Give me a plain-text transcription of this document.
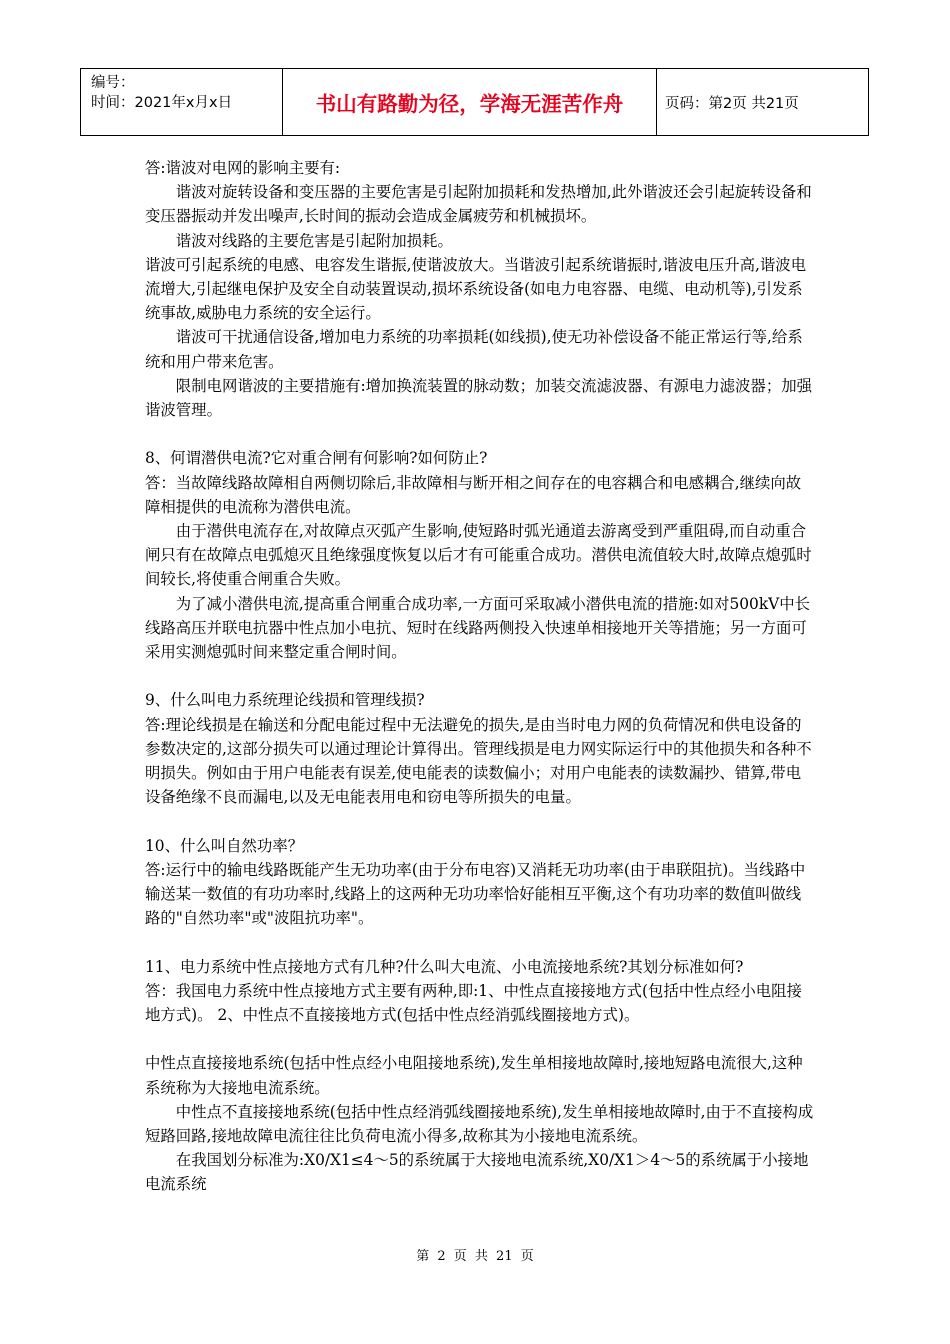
编号：
时间：2021年x月x日	书山有路勤为径，学海无涯苦作舟	页码：第2页 共21页

答:谐波对电网的影响主要有:

谐波对旋转设备和变压器的主要危害是引起附加损耗和发热增加,此外谐波还会引起旋转设备和变压器振动并发出噪声,长时间的振动会造成金属疲劳和机械损坏。

谐波对线路的主要危害是引起附加损耗。

谐波可引起系统的电感、电容发生谐振,使谐波放大。当谐波引起系统谐振时,谐波电压升高,谐波电流增大,引起继电保护及安全自动装置误动,损坏系统设备(如电力电容器、电缆、电动机等),引发系统事故,威胁电力系统的安全运行。

谐波可干扰通信设备,增加电力系统的功率损耗(如线损),使无功补偿设备不能正常运行等,给系统和用户带来危害。

限制电网谐波的主要措施有:增加换流装置的脉动数；加装交流滤波器、有源电力滤波器；加强谐波管理。

8、何谓潜供电流?它对重合闸有何影响?如何防止?

答：当故障线路故障相自两侧切除后,非故障相与断开相之间存在的电容耦合和电感耦合,继续向故障相提供的电流称为潜供电流。

由于潜供电流存在,对故障点灭弧产生影响,使短路时弧光通道去游离受到严重阻碍,而自动重合闸只有在故障点电弧熄灭且绝缘强度恢复以后才有可能重合成功。潜供电流值较大时,故障点熄弧时间较长,将使重合闸重合失败。

为了减小潜供电流,提高重合闸重合成功率,一方面可采取减小潜供电流的措施:如对500kV中长线路高压并联电抗器中性点加小电抗、短时在线路两侧投入快速单相接地开关等措施；另一方面可采用实测熄弧时间来整定重合闸时间。

9、什么叫电力系统理论线损和管理线损?

答:理论线损是在输送和分配电能过程中无法避免的损失,是由当时电力网的负荷情况和供电设备的参数决定的,这部分损失可以通过理论计算得出。管理线损是电力网实际运行中的其他损失和各种不明损失。例如由于用户电能表有误差,使电能表的读数偏小；对用户电能表的读数漏抄、错算,带电设备绝缘不良而漏电,以及无电能表用电和窃电等所损失的电量。

10、什么叫自然功率？

答:运行中的输电线路既能产生无功功率(由于分布电容)又消耗无功功率(由于串联阻抗)。当线路中输送某一数值的有功功率时,线路上的这两种无功功率恰好能相互平衡,这个有功功率的数值叫做线路的"自然功率"或"波阻抗功率"。

11、电力系统中性点接地方式有几种?什么叫大电流、小电流接地系统?其划分标准如何?

答：我国电力系统中性点接地方式主要有两种,即:1、中性点直接接地方式(包括中性点经小电阻接地方式)。 2、中性点不直接接地方式(包括中性点经消弧线圈接地方式)。

中性点直接接地系统(包括中性点经小电阻接地系统),发生单相接地故障时,接地短路电流很大,这种系统称为大接地电流系统。

中性点不直接接地系统(包括中性点经消弧线圈接地系统),发生单相接地故障时,由于不直接构成短路回路,接地故障电流往往比负荷电流小得多,故称其为小接地电流系统。

在我国划分标准为:X0/X1≤4～5的系统属于大接地电流系统,X0/X1＞4～5的系统属于小接地电流系统

第 2 页 共 21 页
